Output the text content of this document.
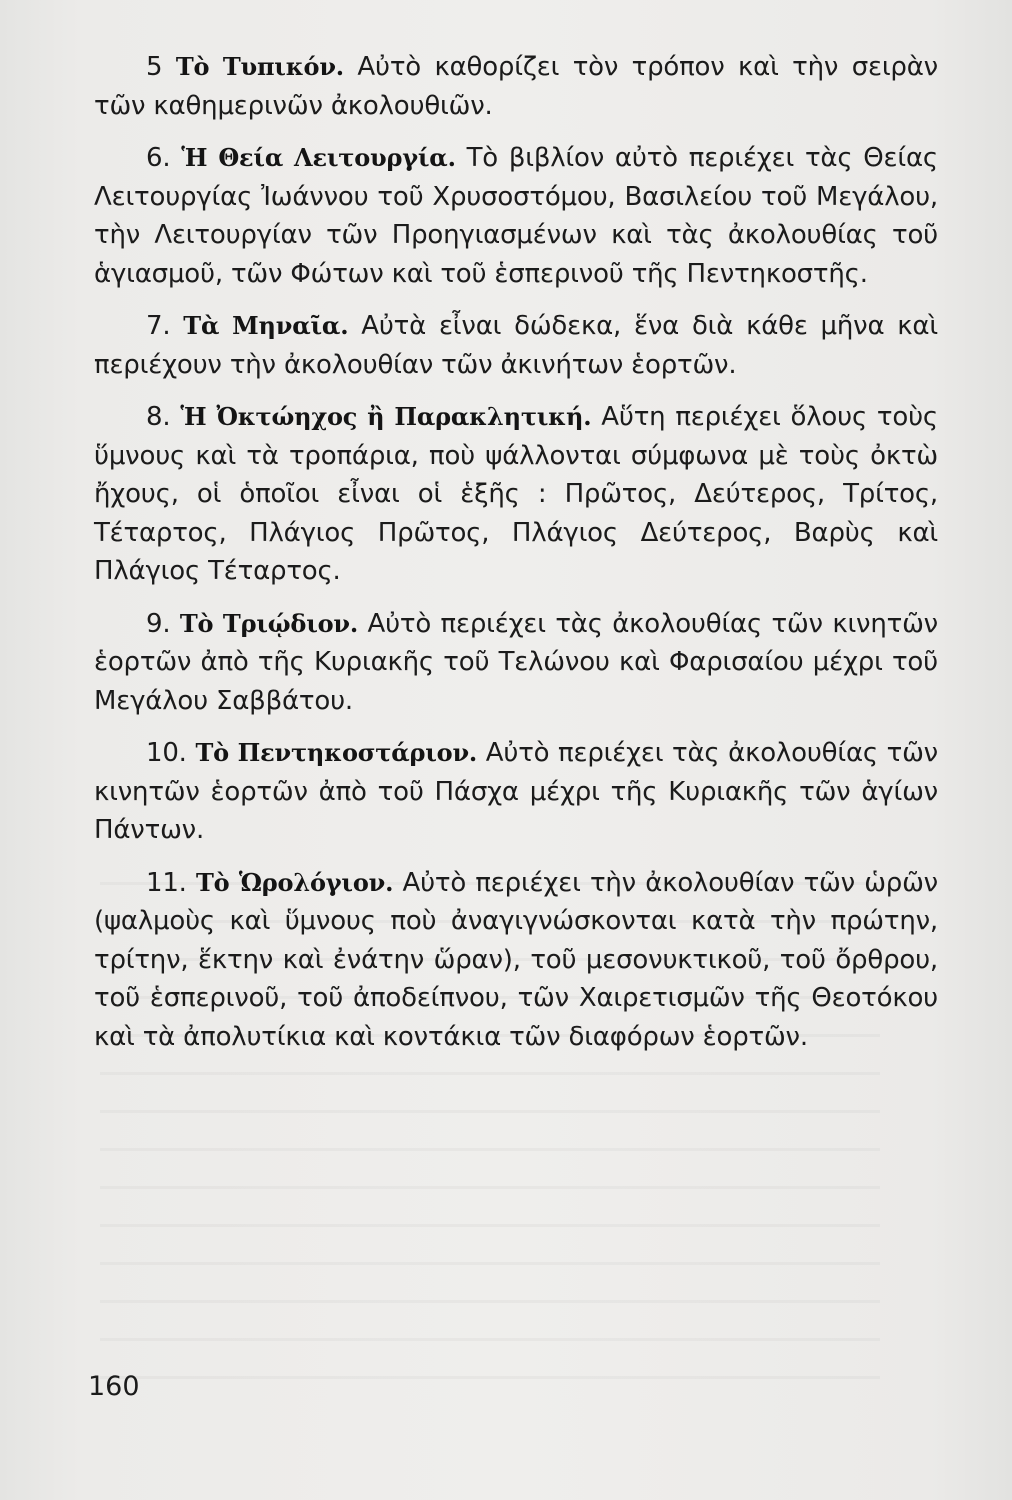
5 Τὸ Τυπικόν. Αὐτὸ καθορίζει τὸν τρόπον καὶ τὴν σειρὰν τῶν καθημερινῶν ἀκολουθιῶν.

6. Ἡ Θεία Λειτουργία. Τὸ βιβλίον αὐτὸ περιέχει τὰς Θείας Λειτουργίας Ἰωάννου τοῦ Χρυσοστόμου, Βασιλείου τοῦ Μεγάλου, τὴν Λειτουργίαν τῶν Προηγιασμένων καὶ τὰς ἀκολουθίας τοῦ ἁγιασμοῦ, τῶν Φώτων καὶ τοῦ ἑσπερινοῦ τῆς Πεντηκοστῆς.

7. Τὰ Μηναῖα. Αὐτὰ εἶναι δώδεκα, ἕνα διὰ κάθε μῆνα καὶ περιέχουν τὴν ἀκολουθίαν τῶν ἀκινήτων ἑορτῶν.

8. Ἡ Ὀκτώηχος ἢ Παρακλητική. Αὕτη περιέχει ὅλους τοὺς ὕμνους καὶ τὰ τροπάρια, ποὺ ψάλλονται σύμφωνα μὲ τοὺς ὀκτὼ ἤχους, οἱ ὁποῖοι εἶναι οἱ ἑξῆς : Πρῶτος, Δεύτερος, Τρίτος, Τέταρτος, Πλάγιος Πρῶτος, Πλάγιος Δεύτερος, Βαρὺς καὶ Πλάγιος Τέταρτος.

9. Τὸ Τριῴδιον. Αὐτὸ περιέχει τὰς ἀκολουθίας τῶν κινητῶν ἑορτῶν ἀπὸ τῆς Κυριακῆς τοῦ Τελώνου καὶ Φαρισαίου μέχρι τοῦ Μεγάλου Σαββάτου.

10. Τὸ Πεντηκοστάριον. Αὐτὸ περιέχει τὰς ἀκολουθίας τῶν κινητῶν ἑορτῶν ἀπὸ τοῦ Πάσχα μέχρι τῆς Κυριακῆς τῶν ἁγίων Πάντων.

11. Τὸ Ὡρολόγιον. Αὐτὸ περιέχει τὴν ἀκολουθίαν τῶν ὡρῶν (ψαλμοὺς καὶ ὕμνους ποὺ ἀναγιγνώσκονται κατὰ τὴν πρώτην, τρίτην, ἕκτην καὶ ἐνάτην ὥραν), τοῦ μεσονυκτικοῦ, τοῦ ὄρθρου, τοῦ ἑσπερινοῦ, τοῦ ἀποδείπνου, τῶν Χαιρετισμῶν τῆς Θεοτόκου καὶ τὰ ἀπολυτίκια καὶ κοντάκια τῶν διαφόρων ἑορτῶν.

160
